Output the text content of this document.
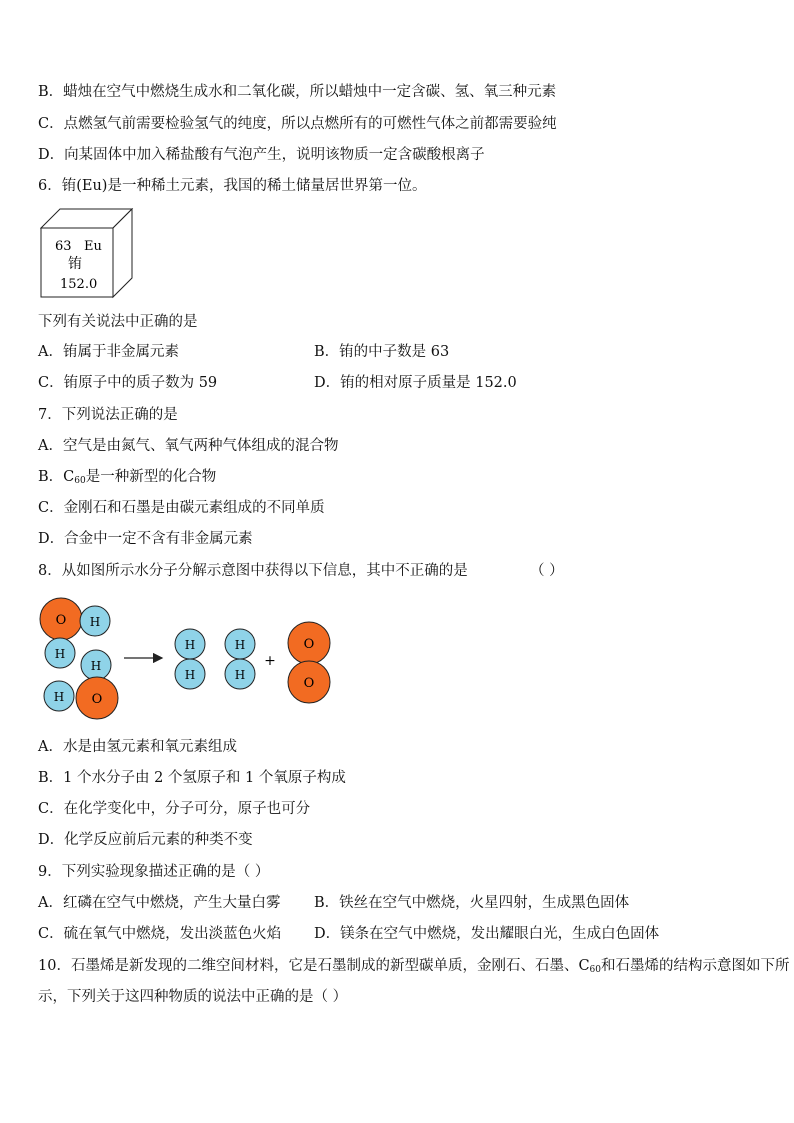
B．蜡烛在空气中燃烧生成水和二氧化碳，所以蜡烛中一定含碳、氢、氧三种元素
C．点燃氢气前需要检验氢气的纯度，所以点燃所有的可燃性气体之前都需要验纯
D．向某固体中加入稀盐酸有气泡产生，说明该物质一定含碳酸根离子
6．铕(Eu)是一种稀土元素，我国的稀土储量居世界第一位。
63 Eu
铕
152.0
下列有关说法中正确的是
A．铕属于非金属元素	B．铕的中子数是 63
C．铕原子中的质子数为 59	D．铕的相对原子质量是 152.0
7．下列说法正确的是
A．空气是由氮气、氧气两种气体组成的混合物
B．$C_{60}$是一种新型的化合物
C．金刚石和石墨是由碳元素组成的不同单质
D．合金中一定不含有非金属元素
8．从如图所示水分子分解示意图中获得以下信息，其中不正确的是	（ ）
O H
H
H
H O
H
H
H
H
+
O
O
A．水是由氢元素和氧元素组成
B．1 个水分子由 2 个氢原子和 1 个氧原子构成
C．在化学变化中，分子可分，原子也可分
D．化学反应前后元素的种类不变
9．下列实验现象描述正确的是（ ）
A．红磷在空气中燃烧，产生大量白雾 B．铁丝在空气中燃烧，火星四射，生成黑色固体
C．硫在氧气中燃烧，发出淡蓝色火焰 D．镁条在空气中燃烧，发出耀眼白光，生成白色固体
10．石墨烯是新发现的二维空间材料，它是石墨制成的新型碳单质，金刚石、石墨、$C_{60}$和石墨烯的结构示意图如下所
示，下列关于这四种物质的说法中正确的是（ ）
